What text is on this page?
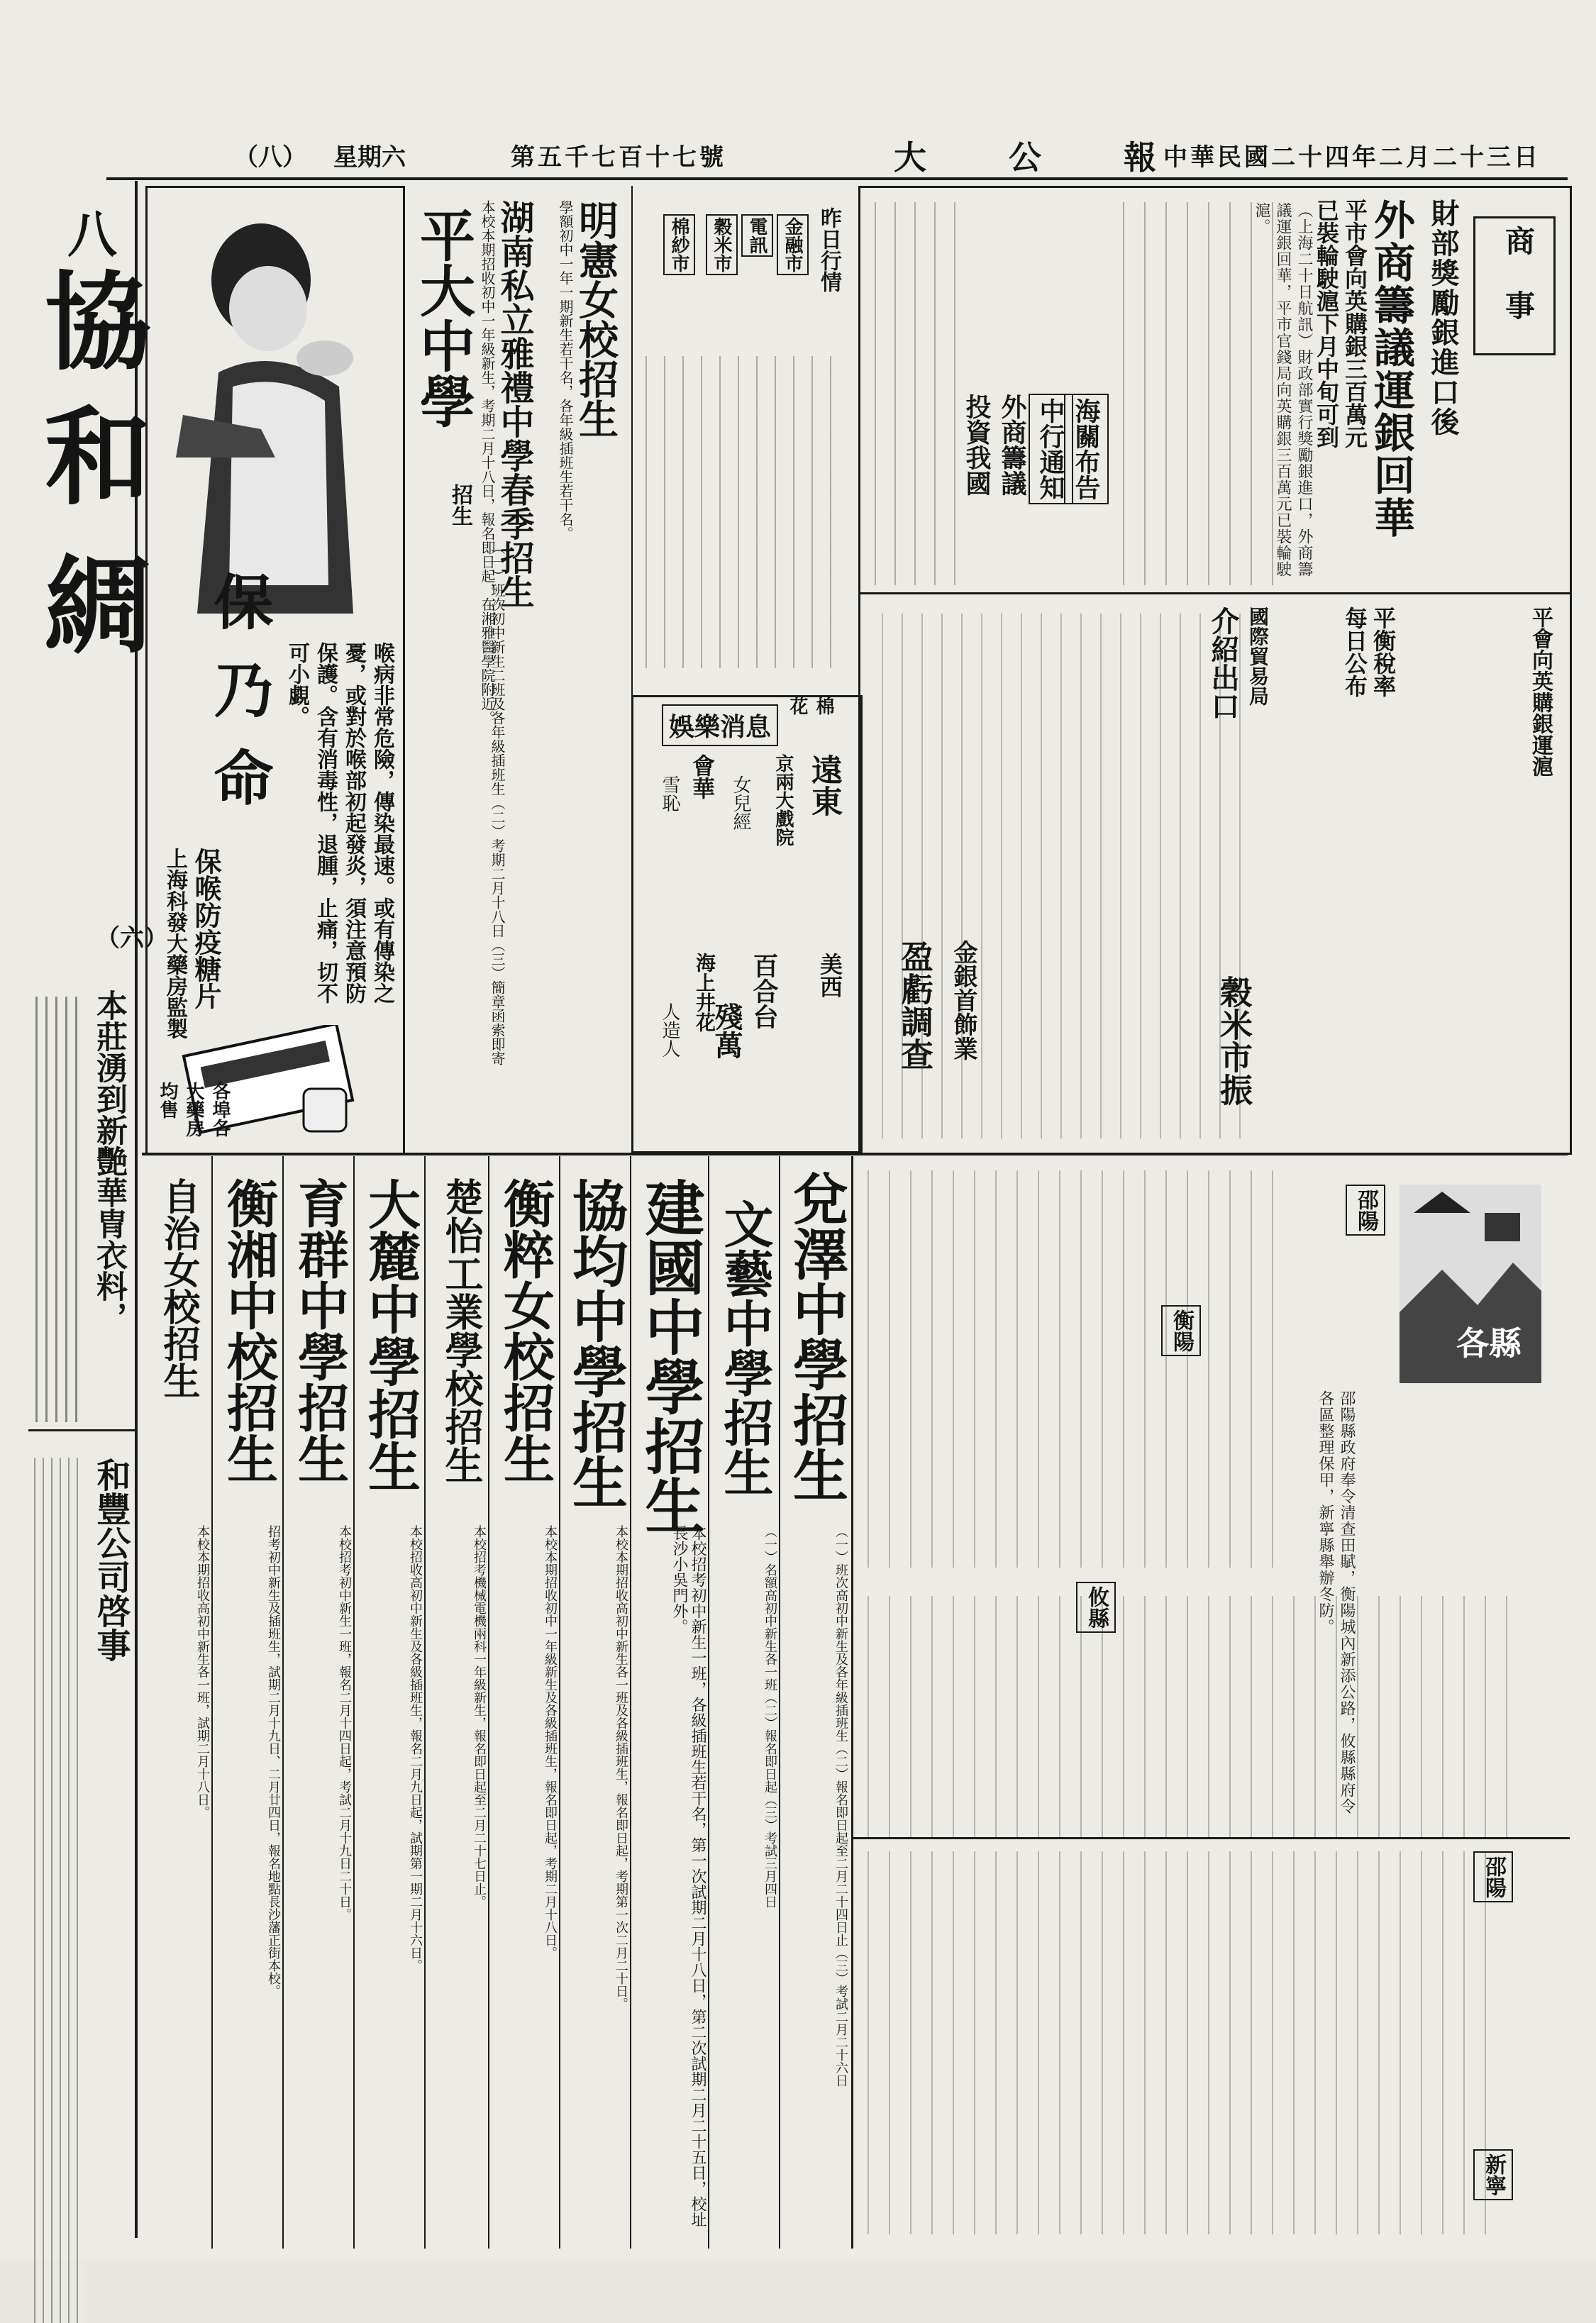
（八） 星期六	第五千七百十七號	大 公 報
中華民國二十四年二月二十三日
八
協和
綢
（六）
本莊湧到新艷華冑衣料，
和豐公司啓事
商 事
財部獎勵銀進口後
外商籌議運銀回華
平市會向英購銀三百萬元
已裝輪駛滬下月中旬可到
（上海二十日航訊）財政部實行獎勵銀進口，外商籌議運銀回華，平市官錢局向英購銀三百萬元已裝輪駛滬。
海關布告
中行通知
外商籌議
投資我國
平會向英購銀運滬
平衡稅率
每日公布
國際貿易局
介紹出口
金銀首飾業
盈虧調查	穀米市振
昨日行情
金融市
電訊
穀米市
棉紗市
棉花
娛樂消息
遠東
京兩大戲院
會華
美西
百合台
海上井花
女兒經
雪恥
殘萬
人造人
明憲女校招生
學額初中一年一期新生若干名，各年級插班生若干名。
湖南私立雅禮中學春季招生
本校本期招收初中一年級新生，考期二月十八日，報名即日起，在湘雅醫學院附近。
平大中學
招生
（一）班次初中新生二班及各年級插班生（二）考期二月十八日（三）簡章函索即寄
喉病非常危險，傳染最速。或有傳染之憂，或對於喉部初起發炎，須注意預防保護。含有消毒性，退腫，止痛，切不可小覷。
保乃命
保喉防疫糖片
上海科發大藥房監製
各埠各大藥房均售
兌澤中學招生
（一）班次高初中新生及各年級插班生（二）報名即日起至二月二十四日止（三）考試二月二十六日
文藝中學招生
（一）名額高初中新生各一班（二）報名即日起（三）考試三月四日
建國中學招生
本校招考初中新生一班，各級插班生若干名，第一次試期二月十八日，第二次試期二月二十五日，校址長沙小吳門外。
協均中學招生
本校本期招收高初中新生各一班及各級插班生，報名即日起，考期第一次二月二十日。
衡粹女校招生
本校本期招收初中一年級新生及各級插班生，報名即日起，考期二月十八日。
楚怡工業學校招生
本校招考機械電機兩科一年級新生，報名即日起至二月二十七日止。
大麓中學招生
本校招收高初中新生及各級插班生，報名二月九日起，試期第一期二月十六日。
育群中學招生
本校招考初中新生一班，報名二月十四日起，考試二月十九日二十日。
衡湘中校招生
招考初中新生及插班生，試期二月十九日、二月廿四日，報名地點長沙藩正街本校。
自治女校招生
本校本期招收高初中新生各一班，試期二月十八日。
各縣
邵陽
衡陽
攸縣
邵陽
新寧
邵陽縣政府奉令清查田賦，衡陽城內新添公路，攸縣縣府令各區整理保甲，新寧縣舉辦冬防。
